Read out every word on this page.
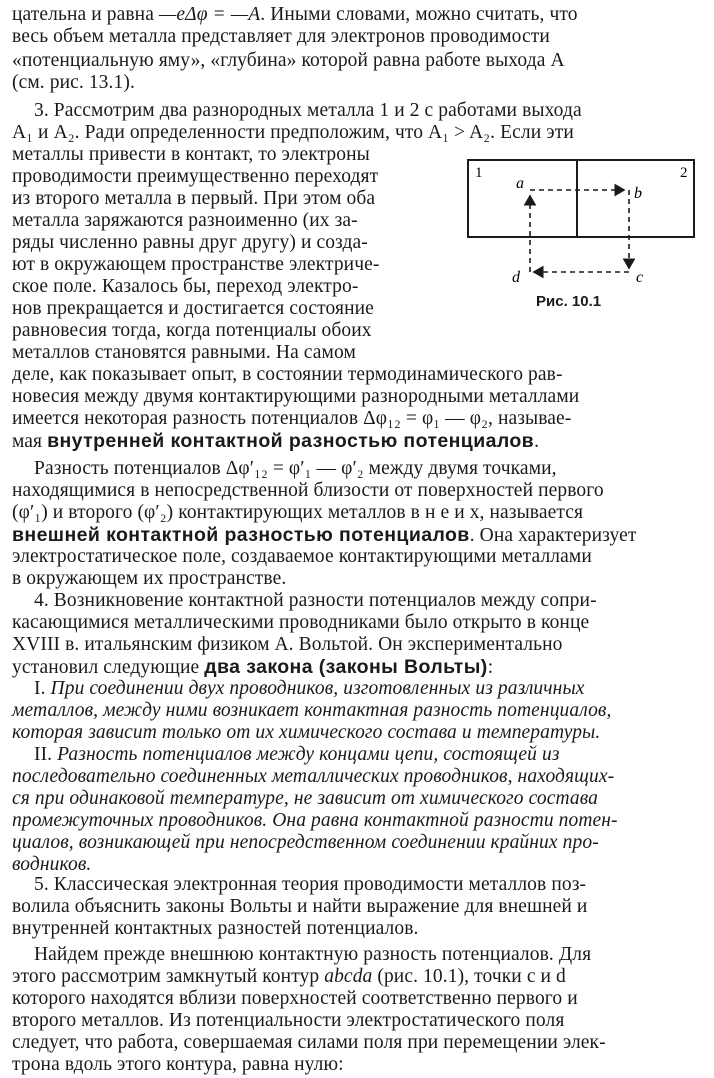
цательна и равна —eΔφ = —A. Иными словами, можно считать, что
весь объем металла представляет для электронов проводимости
«потенциальную яму», «глубина» которой равна работе выхода A
(см. рис. 13.1).
3. Рассмотрим два разнородных металла 1 и 2 с работами выхода
A₁ и A₂. Ради определенности предположим, что A₁ > A₂. Если эти
металлы привести в контакт, то электроны
проводимости преимущественно переходят
из второго металла в первый. При этом оба
металла заряжаются разноименно (их за-
ряды численно равны друг другу) и созда-
ют в окружающем пространстве электриче-
ское поле. Казалось бы, переход электро-
нов прекращается и достигается состояние
равновесия тогда, когда потенциалы обоих
металлов становятся равными. На самом
деле, как показывает опыт, в состоянии термодинамического рав-
новесия между двумя контактирующими разнородными металлами
имеется некоторая разность потенциалов Δφ₁₂ = φ₁ — φ₂, называе-
мая внутренней контактной разностью потенциалов.
Разность потенциалов Δφ′₁₂ = φ′₁ — φ′₂ между двумя точками,
находящимися в непосредственной близости от поверхностей первого
(φ′₁) и второго (φ′₂) контактирующих металлов в н е и х, называется
внешней контактной разностью потенциалов. Она характеризует
электростатическое поле, создаваемое контактирующими металлами
в окружающем их пространстве.
4. Возникновение контактной разности потенциалов между сопри-
касающимися металлическими проводниками было открыто в конце
XVIII в. итальянским физиком А. Вольтой. Он экспериментально
установил следующие два закона (законы Вольты):
I. При соединении двух проводников, изготовленных из различных
металлов, между ними возникает контактная разность потенциалов,
которая зависит только от их химического состава и температуры.
II. Разность потенциалов между концами цепи, состоящей из
последовательно соединенных металлических проводников, находящих-
ся при одинаковой температуре, не зависит от химического состава
промежуточных проводников. Она равна контактной разности потен-
циалов, возникающей при непосредственном соединении крайних про-
водников.
5. Классическая электронная теория проводимости металлов поз-
волила объяснить законы Вольты и найти выражение для внешней и
внутренней контактных разностей потенциалов.
Найдем прежде внешнюю контактную разность потенциалов. Для
этого рассмотрим замкнутый контур abcda (рис. 10.1), точки c и d
которого находятся вблизи поверхностей соответственно первого и
второго металлов. Из потенциальности электростатического поля
следует, что работа, совершаемая силами поля при перемещении элек-
трона вдоль этого контура, равна нулю:
1	2
a
b
c
d
Рис. 10.1
